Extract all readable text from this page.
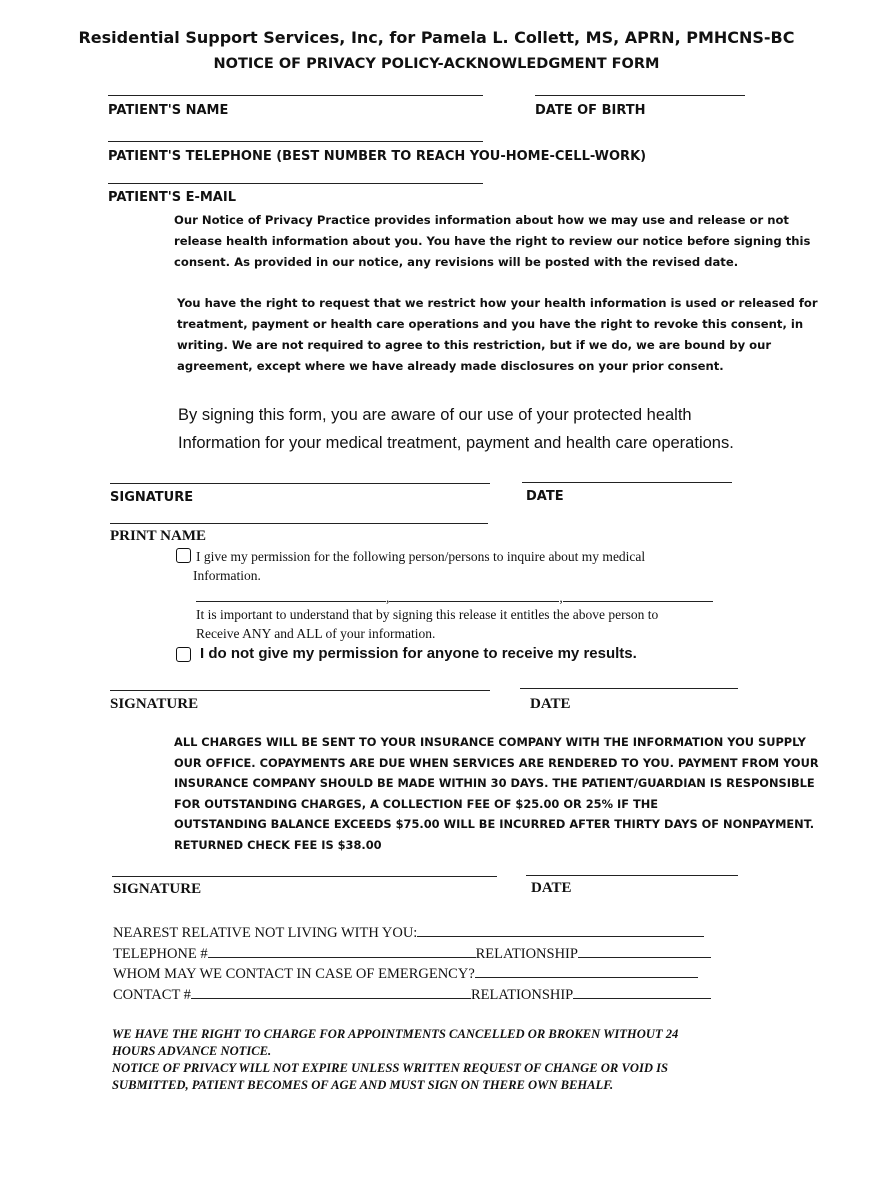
Residential Support Services, Inc, for Pamela L. Collett, MS, APRN, PMHCNS-BC
NOTICE OF PRIVACY POLICY-ACKNOWLEDGMENT FORM
PATIENT'S NAME	DATE OF BIRTH
PATIENT'S TELEPHONE (BEST NUMBER TO REACH YOU-HOME-CELL-WORK)
PATIENT'S E-MAIL
Our Notice of Privacy Practice provides information about how we may use and release or not
release health information about you. You have the right to review our notice before signing this
consent. As provided in our notice, any revisions will be posted with the revised date.
You have the right to request that we restrict how your health information is used or released for
treatment, payment or health care operations and you have the right to revoke this consent, in
writing. We are not required to agree to this restriction, but if we do, we are bound by our
agreement, except where we have already made disclosures on your prior consent.
By signing this form, you are aware of our use of your protected health
Information for your medical treatment, payment and health care operations.
SIGNATURE	DATE
PRINT NAME
I give my permission for the following person/persons to inquire about my medical
Information.
,	,
It is important to understand that by signing this release it entitles the above person to
Receive ANY and ALL of your information.
I do not give my permission for anyone to receive my results.
SIGNATURE	DATE
ALL CHARGES WILL BE SENT TO YOUR INSURANCE COMPANY WITH THE INFORMATION YOU SUPPLY
OUR OFFICE. COPAYMENTS ARE DUE WHEN SERVICES ARE RENDERED TO YOU. PAYMENT FROM YOUR
INSURANCE COMPANY SHOULD BE MADE WITHIN 30 DAYS. THE PATIENT/GUARDIAN IS RESPONSIBLE
FOR OUTSTANDING CHARGES, A COLLECTION FEE OF $25.00 OR 25% IF THE
OUTSTANDING BALANCE EXCEEDS $75.00 WILL BE INCURRED AFTER THIRTY DAYS OF NONPAYMENT.
RETURNED CHECK FEE IS $38.00
SIGNATURE	DATE
NEAREST RELATIVE NOT LIVING WITH YOU:
TELEPHONE #	RELATIONSHIP
WHOM MAY WE CONTACT IN CASE OF EMERGENCY?
CONTACT #	RELATIONSHIP
WE HAVE THE RIGHT TO CHARGE FOR APPOINTMENTS CANCELLED OR BROKEN WITHOUT 24
HOURS ADVANCE NOTICE.
NOTICE OF PRIVACY WILL NOT EXPIRE UNLESS WRITTEN REQUEST OF CHANGE OR VOID IS
SUBMITTED, PATIENT BECOMES OF AGE AND MUST SIGN ON THERE OWN BEHALF.
